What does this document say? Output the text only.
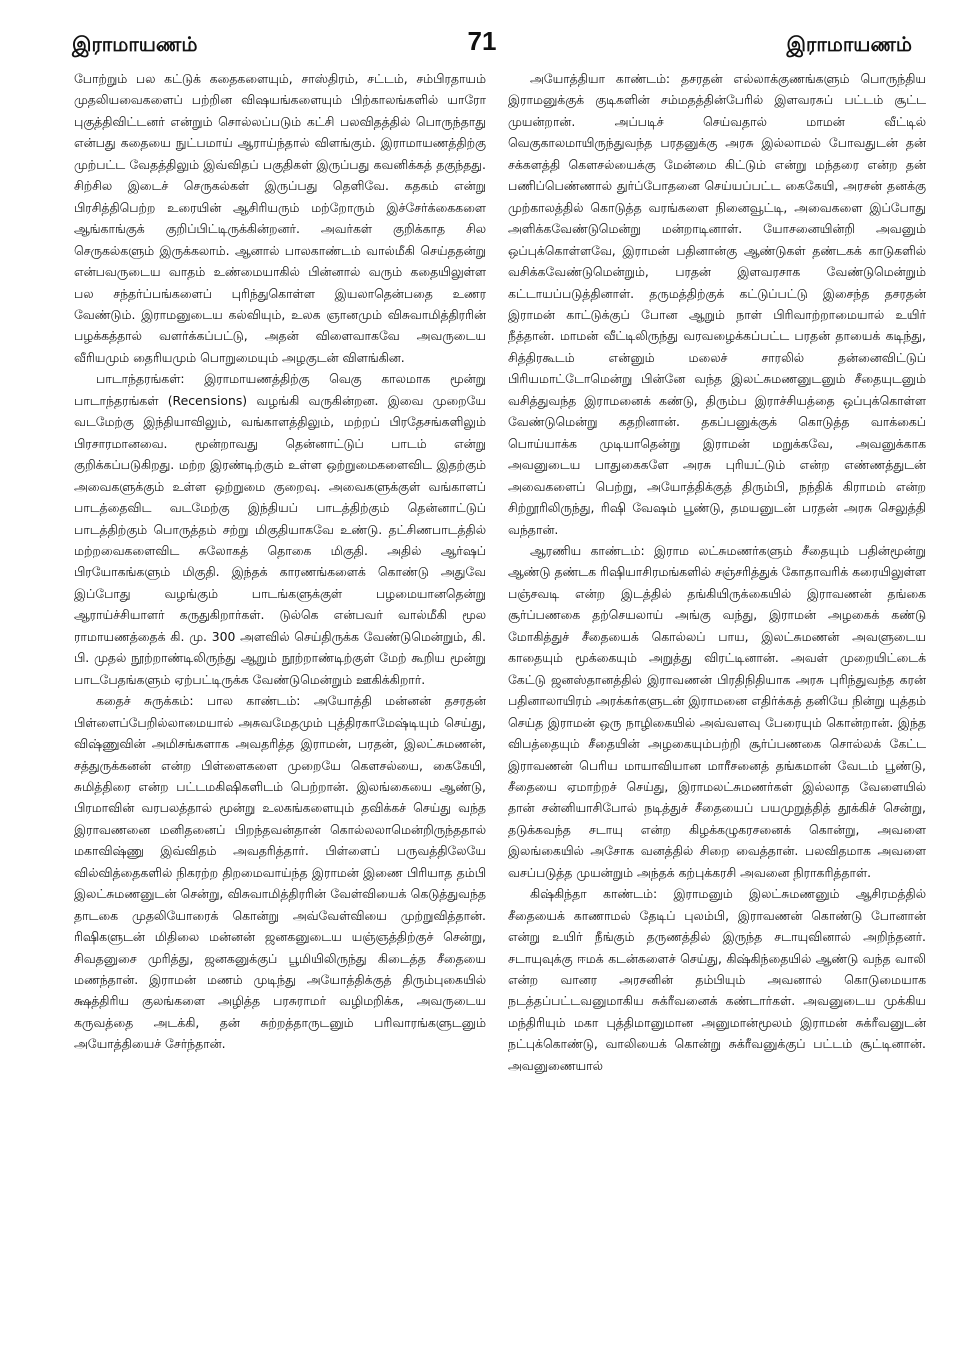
இராமாயணம்	71	இராமாயணம்

போற்றும் பல கட்டுக் கதைகளையும், சாஸ்திரம், சட்டம், சம்பிரதாயம் முதலியவைகளைப் பற்றின விஷயங்களையும் பிற்காலங்களில் யாரோ புகுத்திவிட்டனர் என்றும் சொல்லப்படும் கட்சி பலவிதத்தில் பொருந்தாது என்பது கதையை நுட்பமாய் ஆராய்ந்தால் விளங்கும். இராமாயணத்திற்கு முற்பட்ட வேதத்திலும் இவ்விதப் பகுதிகள் இருப்பது கவனிக்கத் தகுந்தது. சிற்சில இடைச் செருகல்கள் இருப்பது தெளிவே. கதகம் என்று பிரசித்திபெற்ற உரையின் ஆசிரியரும் மற்றோரும் இச்சேர்க்கைகளை ஆங்காங்குக் குறிப்பிட்டிருக்கின்றனர். அவர்கள் குறிக்காத சில செருகல்களும் இருக்கலாம். ஆனால் பாலகாண்டம் வால்மீகி செய்ததன்று என்பவருடைய வாதம் உண்மையாகில் பின்னால் வரும் கதையிலுள்ள பல சந்தர்ப்பங்களைப் புரிந்துகொள்ள இயலாதென்பதை உணர வேண்டும். இராமனுடைய கல்வியும், உலக ஞானமும் விசுவாமித்திரரின் பழக்கத்தால் வளர்க்கப்பட்டு, அதன் விளைவாகவே அவருடைய வீரியமும் தைரியமும் பொறுமையும் அழகுடன் விளங்கின.

பாடாந்தரங்கள்: இராமாயணத்திற்கு வெகு காலமாக மூன்று பாடாந்தரங்கள் (Recensions) வழங்கி வருகின்றன. இவை முறையே வடமேற்கு இந்தியாவிலும், வங்காளத்திலும், மற்றப் பிரதேசங்களிலும் பிரசாரமானவை. மூன்றாவது தென்னாட்டுப் பாடம் என்று குறிக்கப்படுகிறது. மற்ற இரண்டிற்கும் உள்ள ஒற்றுமைகளைவிட இதற்கும் அவைகளுக்கும் உள்ள ஒற்றுமை குறைவு. அவைகளுக்குள் வங்காளப் பாடத்தைவிட வடமேற்கு இந்தியப் பாடத்திற்கும் தென்னாட்டுப் பாடத்திற்கும் பொருத்தம் சற்று மிகுதியாகவே உண்டு. தட்சிணபாடத்தில் மற்றவைகளைவிட சுலோகத் தொகை மிகுதி. அதில் ஆர்ஷப் பிரயோகங்களும் மிகுதி. இந்தக் காரணங்களைக் கொண்டு அதுவே இப்போது வழங்கும் பாடங்களுக்குள் பழமையானதென்று ஆராய்ச்சியாளர் கருதுகிறார்கள். டுல்கெ என்பவர் வால்மீகி மூல ராமாயணத்தைக் கி. மு. 300 அளவில் செய்திருக்க வேண்டுமென்றும், கி. பி. முதல் நூற்றாண்டிலிருந்து ஆறும் நூற்றாண்டிற்குள் மேற் கூறிய மூன்று பாடபேதங்களும் ஏற்பட்டிருக்க வேண்டுமென்றும் ஊகிக்கிறார்.

கதைச் சுருக்கம்: பால காண்டம்: அயோத்தி மன்னன் தசரதன் பிள்ளைப்பேறில்லாமையால் அசுவமேதமும் புத்திரகாமேஷ்டியும் செய்து, விஷ்ணுவின் அமிசங்களாக அவதரித்த இராமன், பரதன், இலட்சுமணன், சத்துருக்கனன் என்ற பிள்ளைகளை முறையே கௌசல்யை, கைகேயி, சுமித்திரை என்ற பட்டமகிஷிகளிடம் பெற்றான். இலங்கையை ஆண்டு, பிரமாவின் வரபலத்தால் மூன்று உலகங்களையும் தவிக்கச் செய்து வந்த இராவணனை மனிதனைப் பிறந்தவன்தான் கொல்லலாமென்றிருந்ததால் மகாவிஷ்ணு இவ்விதம் அவதரித்தார். பிள்ளைப் பருவத்திலேயே வில்வித்தைகளில் நிகரற்ற திறமைவாய்ந்த இராமன் இணை பிரியாத தம்பி இலட்சுமணனுடன் சென்று, விசுவாமித்திரரின் வேள்வியைக் கெடுத்துவந்த தாடகை முதலியோரைக் கொன்று அவ்வேள்வியை முற்றுவித்தான். ரிஷிகளுடன் மிதிலை மன்னன் ஜனகனுடைய யஞ்ஞத்திற்குச் சென்று, சிவதனுசை முரித்து, ஜனகனுக்குப் பூமியிலிருந்து கிடைத்த சீதையை மணந்தான். இராமன் மணம் முடிந்து அயோத்திக்குத் திரும்புகையில் க்ஷத்திரிய குலங்களை அழித்த பரசுராமர் வழிமறிக்க, அவருடைய கருவத்தை அடக்கி, தன் சுற்றத்தாருடனும் பரிவாரங்களுடனும் அயோத்தியைச் சேர்ந்தான்.

அயோத்தியா காண்டம்: தசரதன் எல்லாக்குணங்களும் பொருந்திய இராமனுக்குக் குடிகளின் சம்மதத்தின்பேரில் இளவரசுப் பட்டம் சூட்ட முயன்றான். அப்படிச் செய்வதால் மாமன் வீட்டில் வெகுகாலமாயிருந்துவந்த பரதனுக்கு அரசு இல்லாமல் போவதுடன் தன் சக்களத்தி கௌசல்யைக்கு மேன்மை கிட்டும் என்று மந்தரை என்ற தன் பணிப்பெண்ணால் துர்ப்போதனை செய்யப்பட்ட கைகேயி, அரசன் தனக்கு முற்காலத்தில் கொடுத்த வரங்களை நினைவூட்டி, அவைகளை இப்போது அளிக்கவேண்டுமென்று மன்றாடினாள். யோசனையின்றி அவனும் ஒப்புக்கொள்ளவே, இராமன் பதினான்கு ஆண்டுகள் தண்டகக் காடுகளில் வசிக்கவேண்டுமென்றும், பரதன் இளவரசாக வேண்டுமென்றும் கட்டாயப்படுத்தினாள். தருமத்திற்குக் கட்டுப்பட்டு இசைந்த தசரதன் இராமன் காட்டுக்குப் போன ஆறும் நாள் பிரிவாற்றாமையால் உயிர் நீத்தான். மாமன் வீட்டிலிருந்து வரவழைக்கப்பட்ட பரதன் தாயைக் கடிந்து, சித்திரகூடம் என்னும் மலைச் சாரலில் தன்னைவிட்டுப் பிரியமாட்டோமென்று பின்னே வந்த இலட்சுமணனுடனும் சீதையுடனும் வசித்துவந்த இராமனைக் கண்டு, திரும்ப இராச்சியத்தை ஒப்புக்கொள்ள வேண்டுமென்று கதறினான். தகப்பனுக்குக் கொடுத்த வாக்கைப் பொய்யாக்க முடியாதென்று இராமன் மறுக்கவே, அவனுக்காக அவனுடைய பாதுகைகளே அரசு புரியட்டும் என்ற எண்ணத்துடன் அவைகளைப் பெற்று, அயோத்திக்குத் திரும்பி, நந்திக் கிராமம் என்ற சிற்றூரிலிருந்து, ரிஷி வேஷம் பூண்டு, தமயனுடன் பரதன் அரசு செலுத்தி வந்தான்.

ஆரணிய காண்டம்: இராம லட்சுமணர்களும் சீதையும் பதின்மூன்று ஆண்டு தண்டக ரிஷியாசிரமங்களில் சஞ்சரித்துக் கோதாவரிக் கரையிலுள்ள பஞ்சவடி என்ற இடத்தில் தங்கியிருக்கையில் இராவணன் தங்கை சூர்ப்பணகை தற்செயலாய் அங்கு வந்து, இராமன் அழகைக் கண்டு மோகித்துச் சீதையைக் கொல்லப் பாய, இலட்சுமணன் அவளுடைய காதையும் மூக்கையும் அறுத்து விரட்டினான். அவள் முறையிட்டைக் கேட்டு ஜனஸ்தானத்தில் இராவணன் பிரதிநிதியாக அரசு புரிந்துவந்த கரன் பதினாலாயிரம் அரக்கர்களுடன் இராமனை எதிர்க்கத் தனியே நின்று யுத்தம் செய்த இராமன் ஒரு நாழிகையில் அவ்வளவு பேரையும் கொன்றான். இந்த விபத்தையும் சீதையின் அழகையும்பற்றி சூர்ப்பணகை சொல்லக் கேட்ட இராவணன் பெரிய மாயாவியான மாரீசனைத் தங்கமான் வேடம் பூண்டு, சீதையை ஏமாற்றச் செய்து, இராமலட்சுமணர்கள் இல்லாத வேளையில் தான் சன்னியாசிபோல் நடித்துச் சீதையைப் பயமுறுத்தித் தூக்கிச் சென்று, தடுக்கவந்த சடாயு என்ற கிழக்கழுகரசனைக் கொன்று, அவளை இலங்கையில் அசோக வனத்தில் சிறை வைத்தான். பலவிதமாக அவளை வசப்படுத்த முயன்றும் அந்தக் கற்புக்கரசி அவனை நிராகரித்தாள்.

கிஷ்கிந்தா காண்டம்: இராமனும் இலட்சுமணனும் ஆசிரமத்தில் சீதையைக் காணாமல் தேடிப் புலம்பி, இராவணன் கொண்டு போனான் என்று உயிர் நீங்கும் தருணத்தில் இருந்த சடாயுவினால் அறிந்தனர். சடாயுவுக்கு ஈமக் கடன்களைச் செய்து, கிஷ்கிந்தையில் ஆண்டு வந்த வாலி என்ற வானர அரசனின் தம்பியும் அவனால் கொடுமையாக நடத்தப்பட்டவனுமாகிய சுக்ரீவனைக் கண்டார்கள். அவனுடைய முக்கிய மந்திரியும் மகா புத்திமானுமான அனுமான்மூலம் இராமன் சுக்ரீவனுடன் நட்புக்கொண்டு, வாலியைக் கொன்று சுக்ரீவனுக்குப் பட்டம் சூட்டினான். அவனுணையால்
